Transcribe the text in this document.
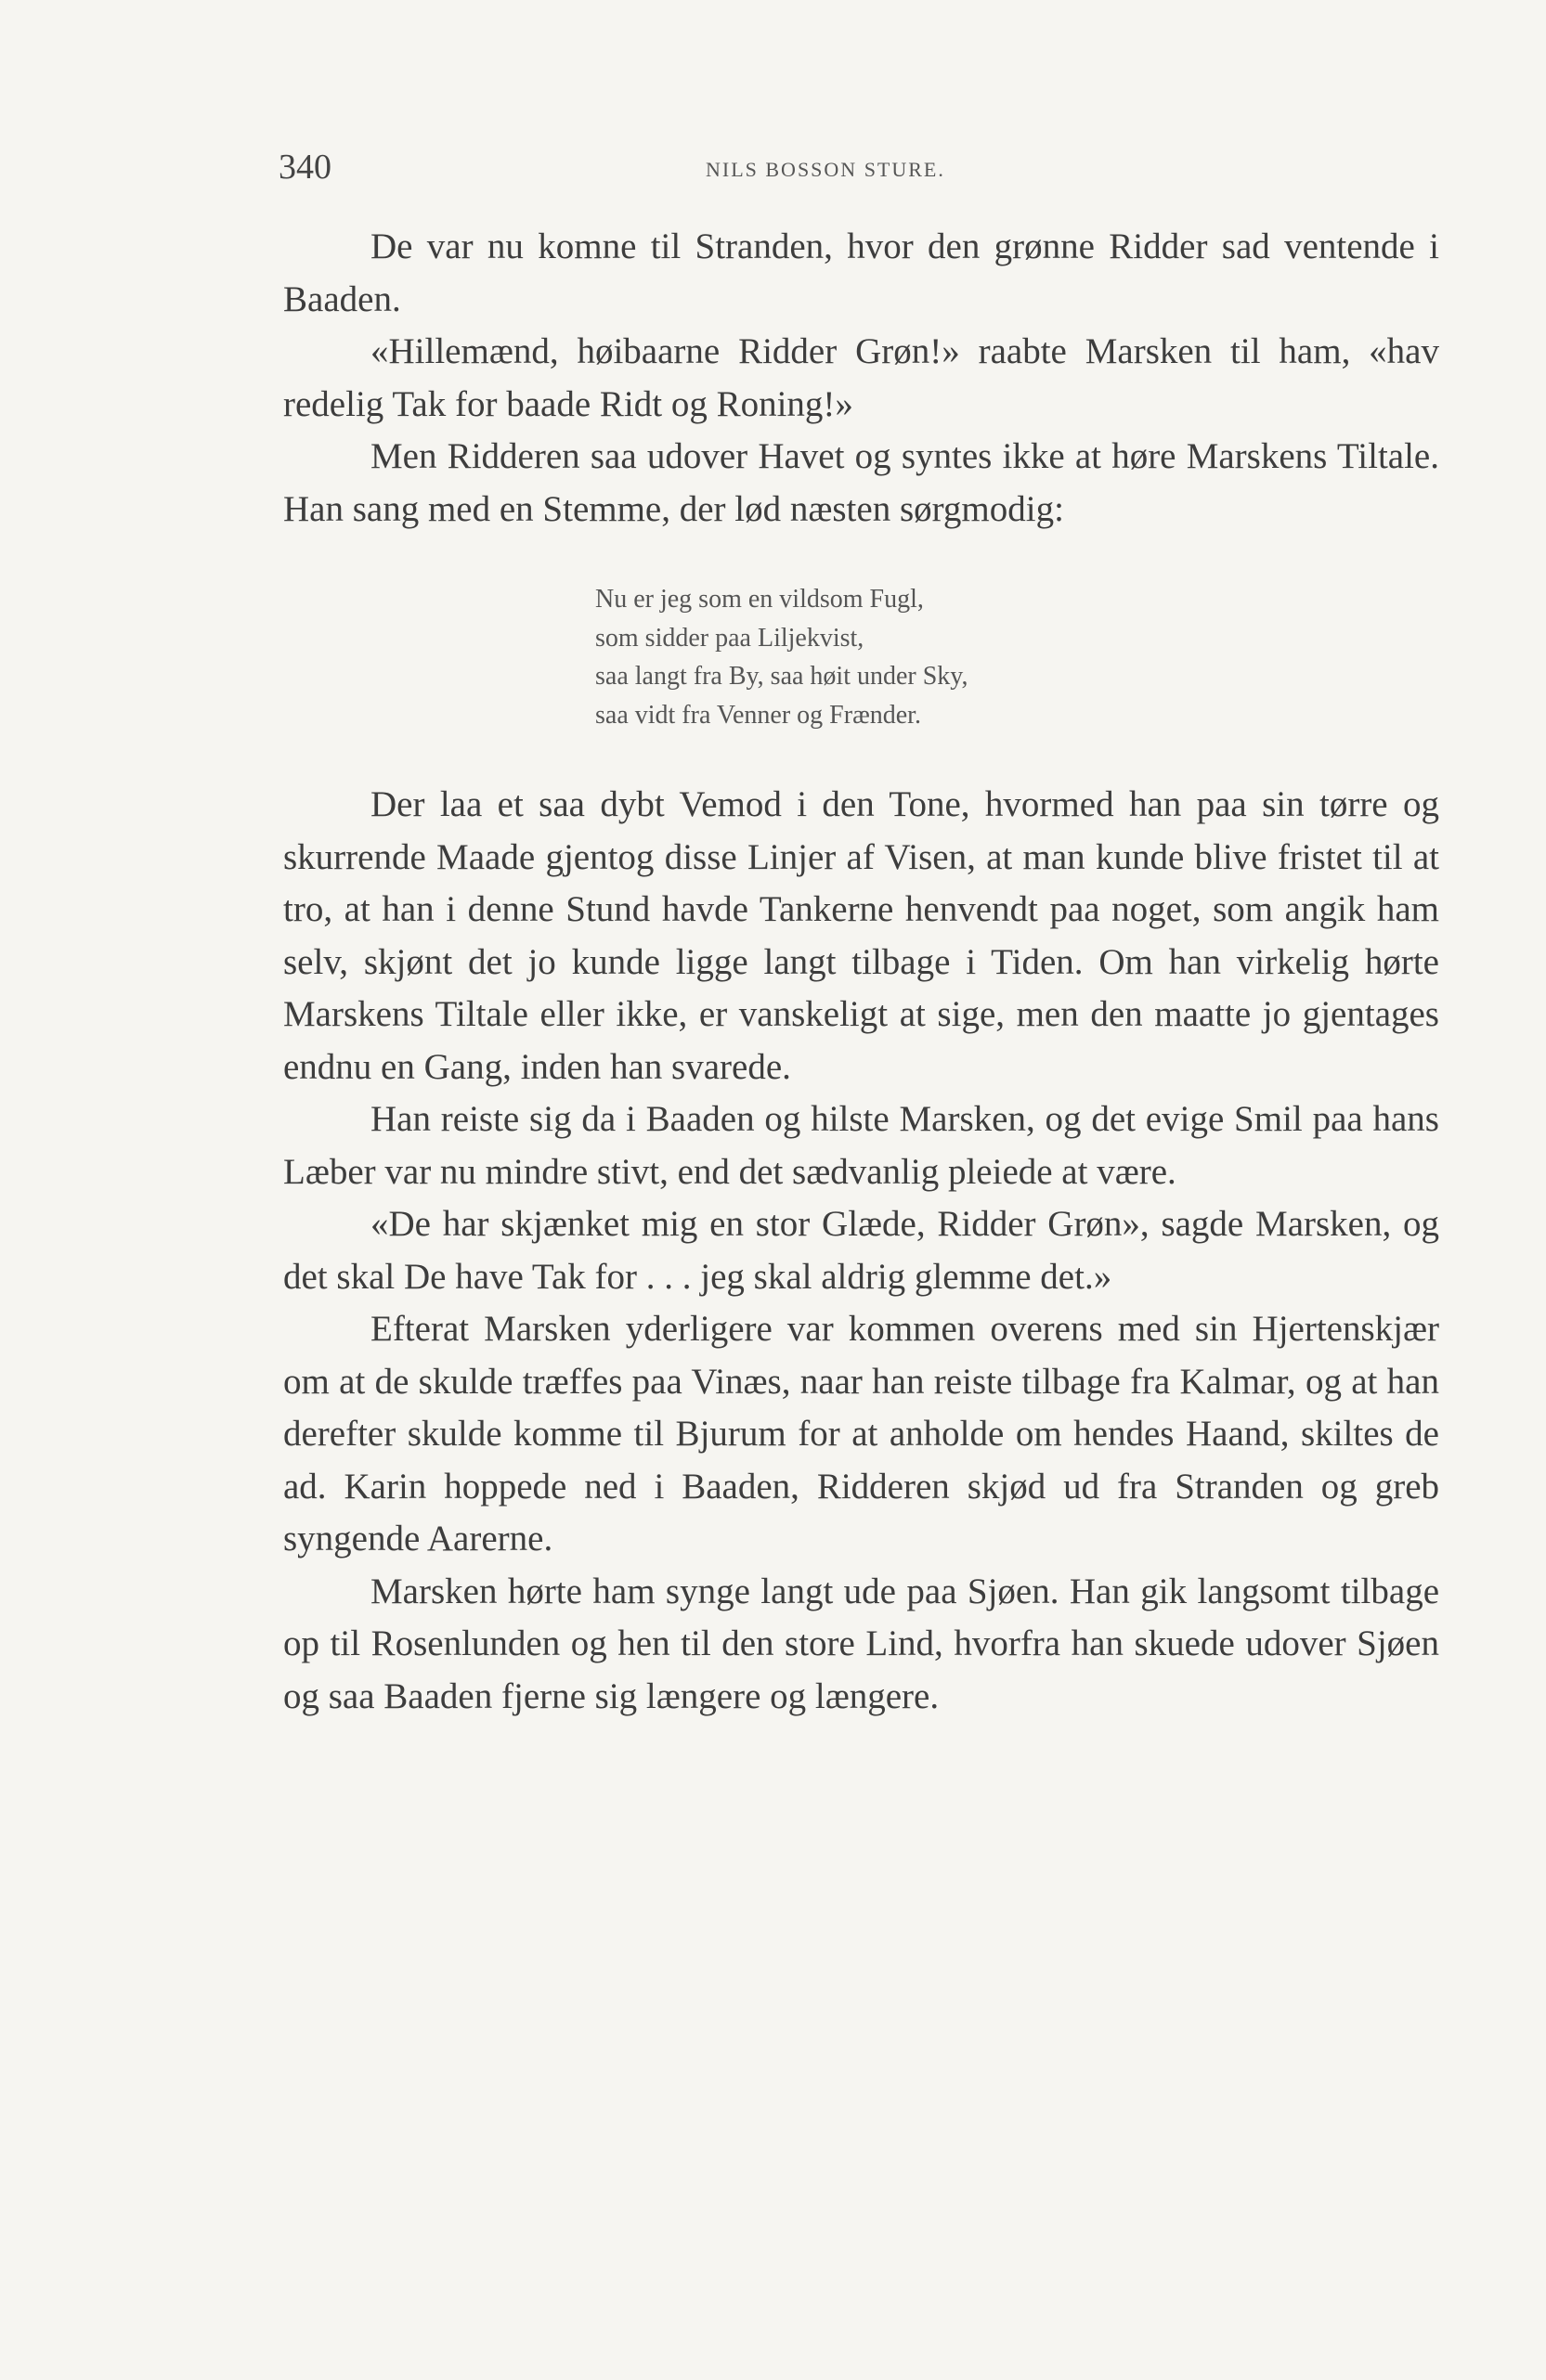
340	NILS BOSSON STURE.

De var nu komne til Stranden, hvor den grønne Ridder sad ventende i Baaden.

«Hillemænd, høibaarne Ridder Grøn!» raabte Marsken til ham, «hav redelig Tak for baade Ridt og Roning!»

Men Ridderen saa udover Havet og syntes ikke at høre Marskens Tiltale. Han sang med en Stemme, der lød næsten sørgmodig:

Nu er jeg som en vildsom Fugl,
som sidder paa Liljekvist,
saa langt fra By, saa høit under Sky,
saa vidt fra Venner og Frænder.

Der laa et saa dybt Vemod i den Tone, hvormed han paa sin tørre og skurrende Maade gjentog disse Linjer af Visen, at man kunde blive fristet til at tro, at han i denne Stund havde Tankerne henvendt paa noget, som angik ham selv, skjønt det jo kunde ligge langt tilbage i Tiden. Om han virkelig hørte Marskens Tiltale eller ikke, er vanskeligt at sige, men den maatte jo gjentages endnu en Gang, inden han svarede.

Han reiste sig da i Baaden og hilste Marsken, og det evige Smil paa hans Læber var nu mindre stivt, end det sædvanlig pleiede at være.

«De har skjænket mig en stor Glæde, Ridder Grøn», sagde Marsken, og det skal De have Tak for . . . jeg skal aldrig glemme det.»

Efterat Marsken yderligere var kommen overens med sin Hjertenskjær om at de skulde træffes paa Vinæs, naar han reiste tilbage fra Kalmar, og at han derefter skulde komme til Bjurum for at anholde om hendes Haand, skiltes de ad. Karin hoppede ned i Baaden, Ridderen skjød ud fra Stranden og greb syngende Aarerne.

Marsken hørte ham synge langt ude paa Sjøen. Han gik langsomt tilbage op til Rosenlunden og hen til den store Lind, hvorfra han skuede udover Sjøen og saa Baaden fjerne sig længere og længere.
